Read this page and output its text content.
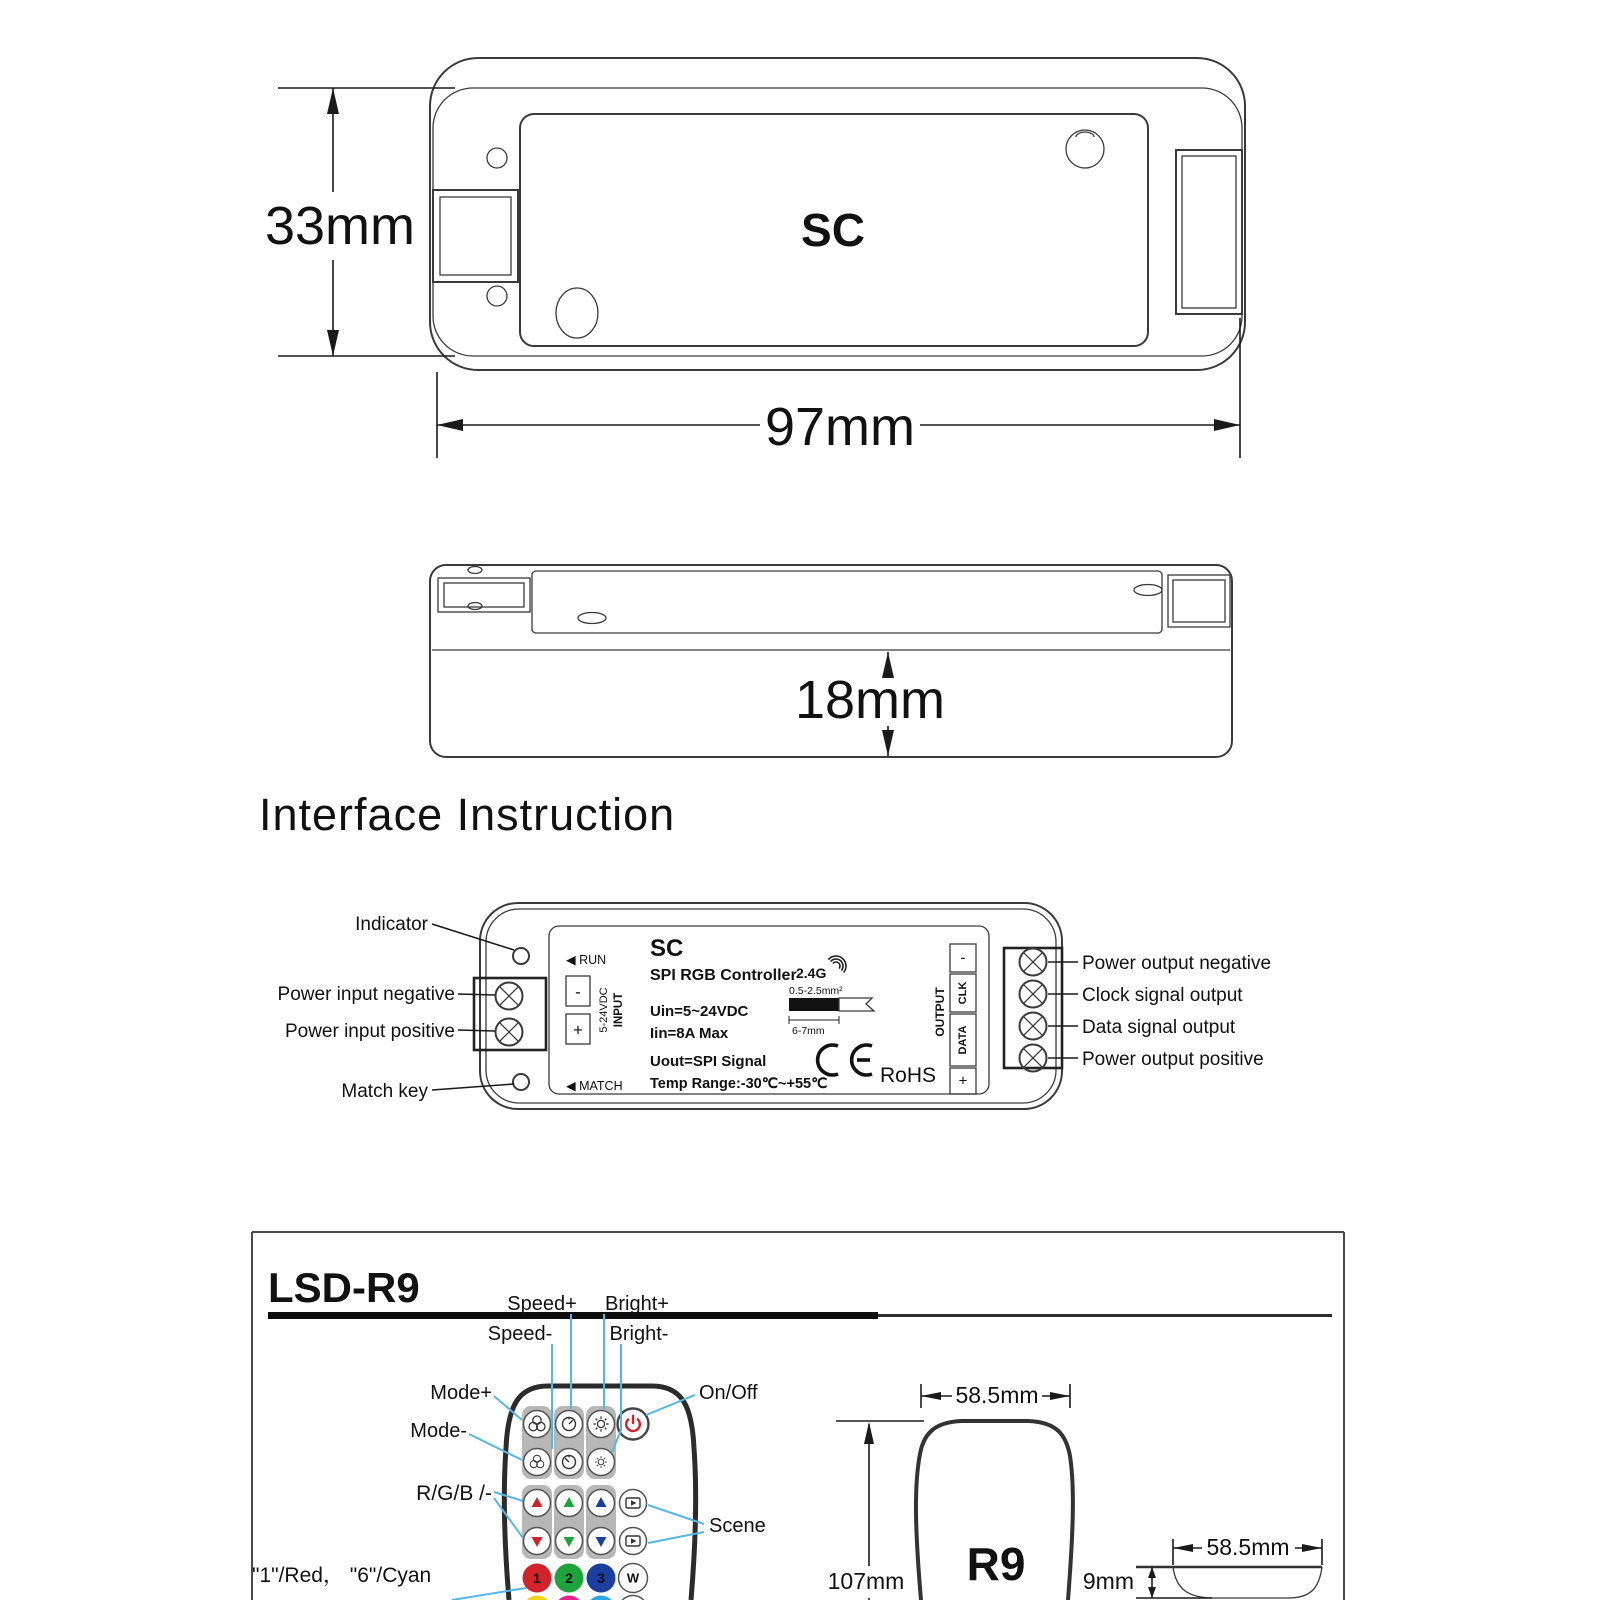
SC
33mm
97mm
18mm
Interface Instruction
◀ RUN
◀ MATCH
-
+ 5-24VDC INPUT
SC
SPI RGB Controller
Uin=5~24VDC
Iin=8A Max
Uout=SPI Signal
Temp Range:-30℃~+55℃
2.4G
0.5-2.5mm²
6-7mm
RoHS
OUTPUT
-
CLK
DATA
+
Indicator
Power input negative
Power input positive
Match key
Power output negative
Clock signal output
Data signal output
Power output positive
LSD-R9
1 2 3 W
Speed+
Speed-
Bright+
Bright-
Mode+
Mode-
On/Off
R/G/B /-
Scene
"1"/Red， "6"/Cyan
58.5mm
107mm R9	58.5mm
9mm
